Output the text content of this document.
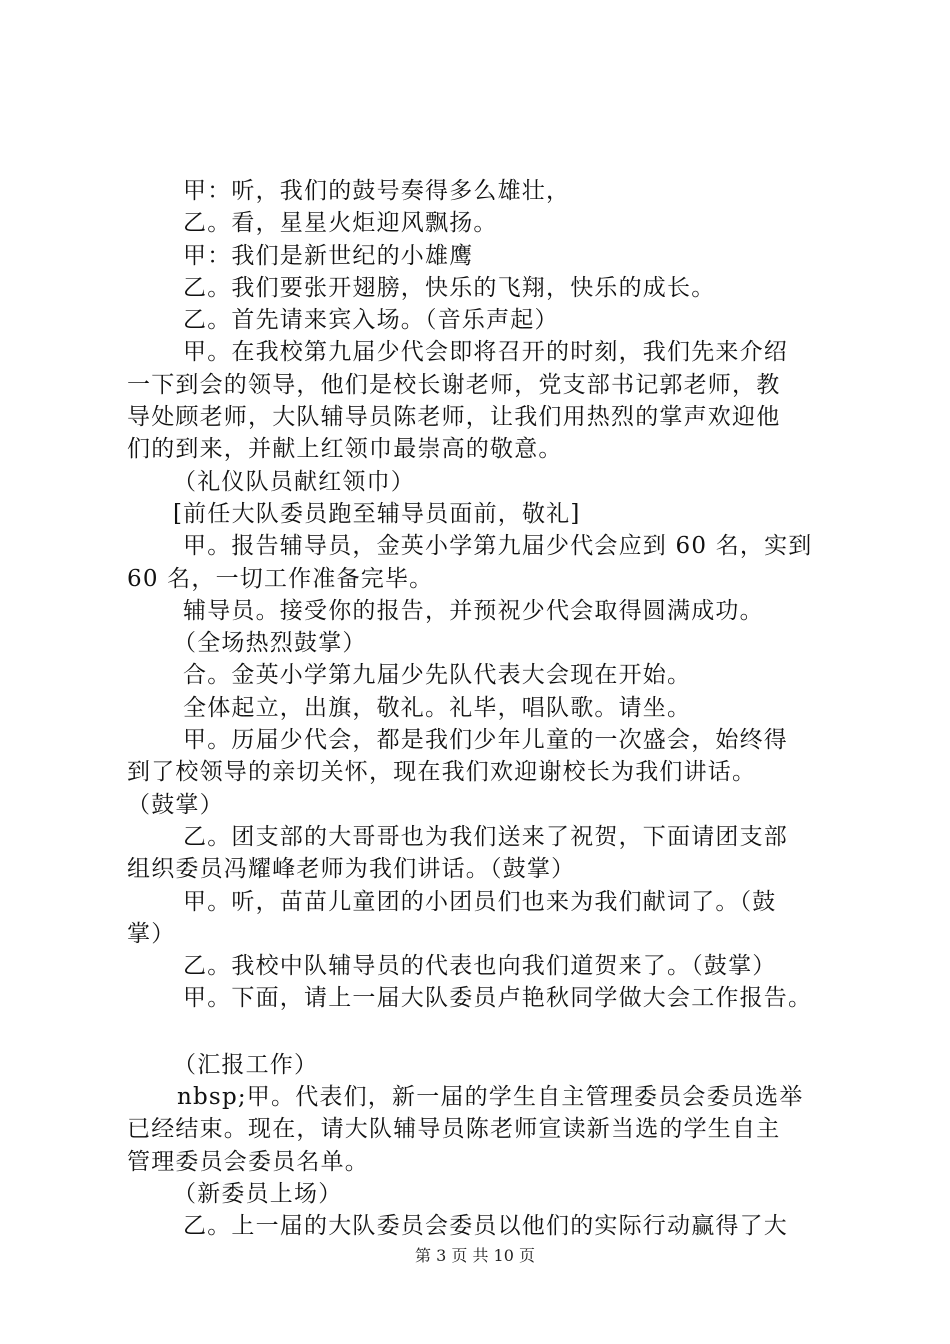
甲：听，我们的鼓号奏得多么雄壮，
乙。看，星星火炬迎风飘扬。
甲：我们是新世纪的小雄鹰
乙。我们要张开翅膀，快乐的飞翔，快乐的成长。
乙。首先请来宾入场。（音乐声起）
甲。在我校第九届少代会即将召开的时刻，我们先来介绍
一下到会的领导，他们是校长谢老师，党支部书记郭老师，教
导处顾老师，大队辅导员陈老师，让我们用热烈的掌声欢迎他
们的到来，并献上红领巾最崇高的敬意。
（礼仪队员献红领巾）
[前任大队委员跑至辅导员面前，敬礼]
甲。报告辅导员，金英小学第九届少代会应到 60 名，实到
60 名，一切工作准备完毕。
辅导员。接受你的报告，并预祝少代会取得圆满成功。
（全场热烈鼓掌）
合。金英小学第九届少先队代表大会现在开始。
全体起立，出旗，敬礼。礼毕，唱队歌。请坐。
甲。历届少代会，都是我们少年儿童的一次盛会，始终得
到了校领导的亲切关怀，现在我们欢迎谢校长为我们讲话。
（鼓掌）
乙。团支部的大哥哥也为我们送来了祝贺，下面请团支部
组织委员冯耀峰老师为我们讲话。（鼓掌）
甲。听，苗苗儿童团的小团员们也来为我们献词了。（鼓
掌）
乙。我校中队辅导员的代表也向我们道贺来了。（鼓掌）
甲。下面，请上一届大队委员卢艳秋同学做大会工作报告。
（汇报工作）
nbsp;甲。代表们，新一届的学生自主管理委员会委员选举
已经结束。现在，请大队辅导员陈老师宣读新当选的学生自主
管理委员会委员名单。
（新委员上场）
乙。上一届的大队委员会委员以他们的实际行动赢得了大
第 3 页 共 10 页
